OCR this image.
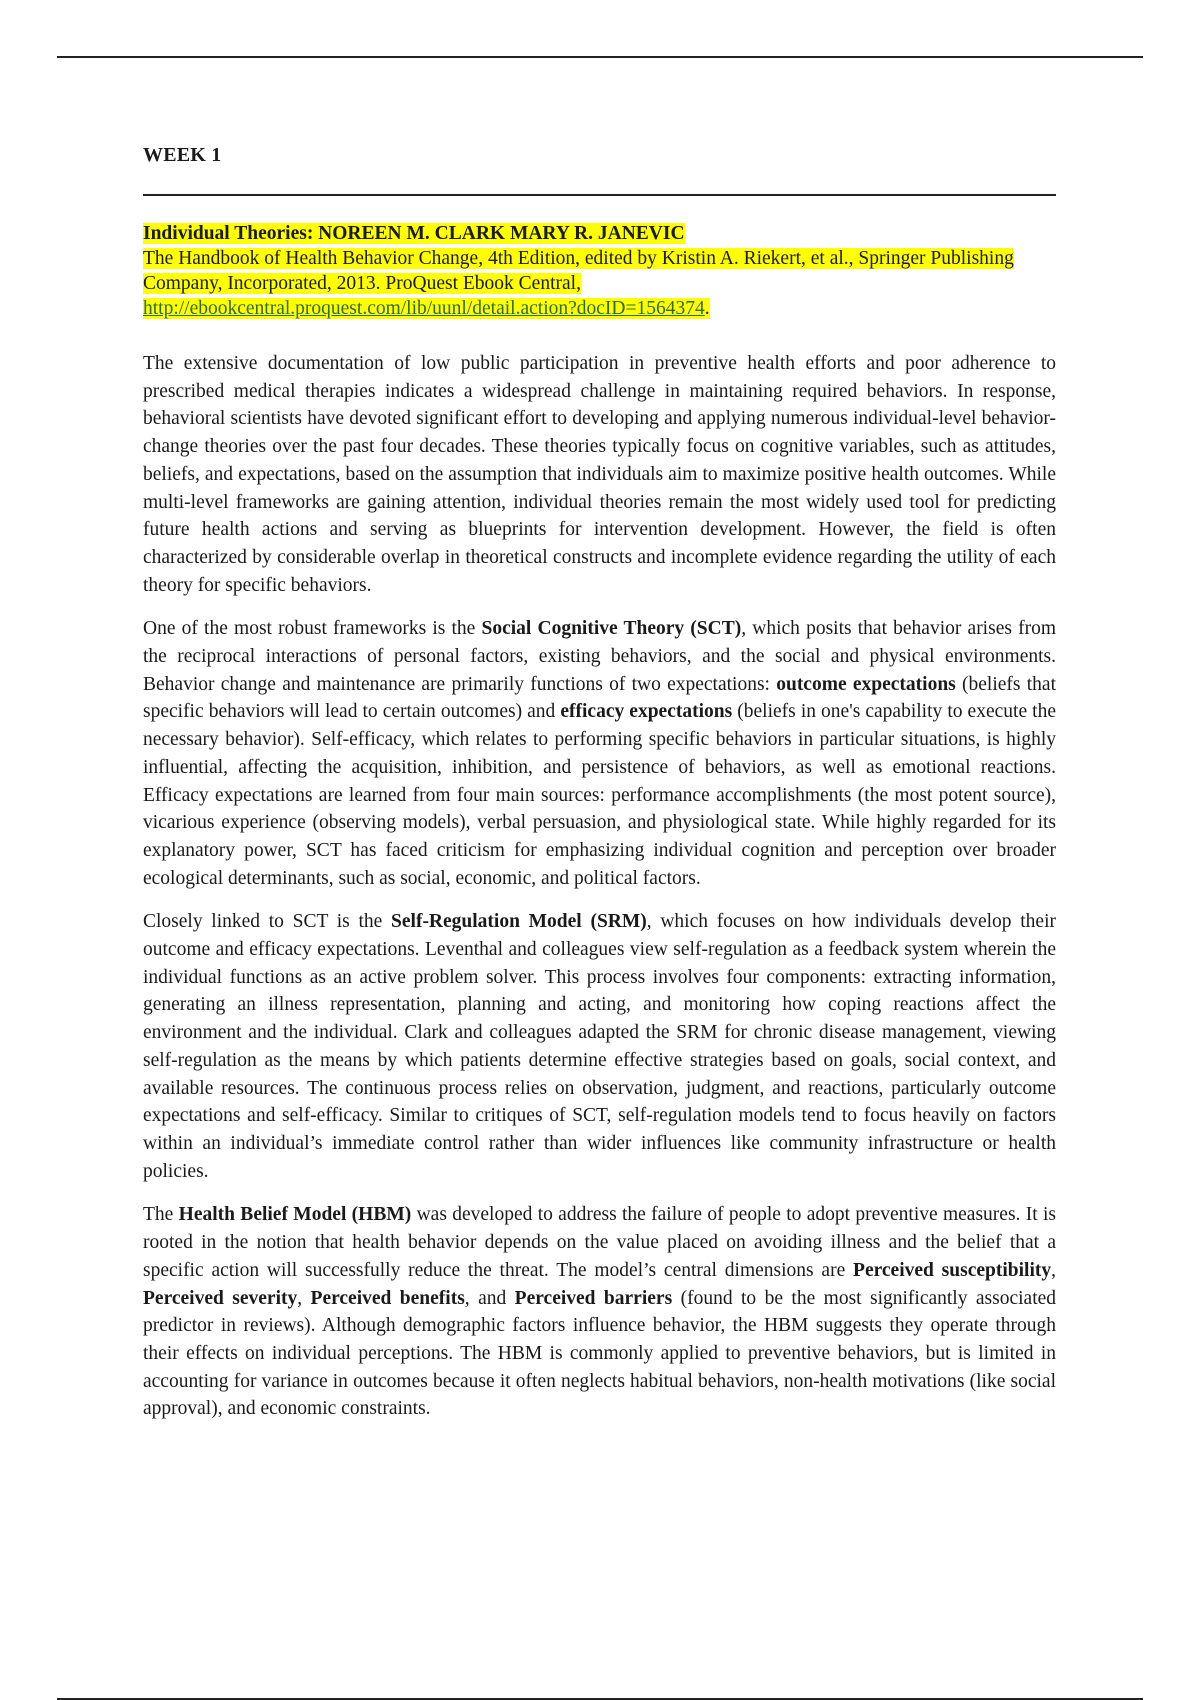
WEEK 1
Individual Theories: NOREEN M. CLARK MARY R. JANEVIC
The Handbook of Health Behavior Change, 4th Edition, edited by Kristin A. Riekert, et al., Springer Publishing Company, Incorporated, 2013. ProQuest Ebook Central,
http://ebookcentral.proquest.com/lib/uunl/detail.action?docID=1564374.

The extensive documentation of low public participation in preventive health efforts and poor adherence to prescribed medical therapies indicates a widespread challenge in maintaining required behaviors. In response, behavioral scientists have devoted significant effort to developing and applying numerous individual-level behavior-change theories over the past four decades. These theories typically focus on cognitive variables, such as attitudes, beliefs, and expectations, based on the assumption that individuals aim to maximize positive health outcomes. While multi-level frameworks are gaining attention, individual theories remain the most widely used tool for predicting future health actions and serving as blueprints for intervention development. However, the field is often characterized by considerable overlap in theoretical constructs and incomplete evidence regarding the utility of each theory for specific behaviors.

One of the most robust frameworks is the Social Cognitive Theory (SCT), which posits that behavior arises from the reciprocal interactions of personal factors, existing behaviors, and the social and physical environments. Behavior change and maintenance are primarily functions of two expectations: outcome expectations (beliefs that specific behaviors will lead to certain outcomes) and efficacy expectations (beliefs in one's capability to execute the necessary behavior). Self-efficacy, which relates to performing specific behaviors in particular situations, is highly influential, affecting the acquisition, inhibition, and persistence of behaviors, as well as emotional reactions. Efficacy expectations are learned from four main sources: performance accomplishments (the most potent source), vicarious experience (observing models), verbal persuasion, and physiological state. While highly regarded for its explanatory power, SCT has faced criticism for emphasizing individual cognition and perception over broader ecological determinants, such as social, economic, and political factors.

Closely linked to SCT is the Self-Regulation Model (SRM), which focuses on how individuals develop their outcome and efficacy expectations. Leventhal and colleagues view self-regulation as a feedback system wherein the individual functions as an active problem solver. This process involves four components: extracting information, generating an illness representation, planning and acting, and monitoring how coping reactions affect the environment and the individual. Clark and colleagues adapted the SRM for chronic disease management, viewing self-regulation as the means by which patients determine effective strategies based on goals, social context, and available resources. The continuous process relies on observation, judgment, and reactions, particularly outcome expectations and self-efficacy. Similar to critiques of SCT, self-regulation models tend to focus heavily on factors within an individual’s immediate control rather than wider influences like community infrastructure or health policies.

The Health Belief Model (HBM) was developed to address the failure of people to adopt preventive measures. It is rooted in the notion that health behavior depends on the value placed on avoiding illness and the belief that a specific action will successfully reduce the threat. The model’s central dimensions are Perceived susceptibility, Perceived severity, Perceived benefits, and Perceived barriers (found to be the most significantly associated predictor in reviews). Although demographic factors influence behavior, the HBM suggests they operate through their effects on individual perceptions. The HBM is commonly applied to preventive behaviors, but is limited in accounting for variance in outcomes because it often neglects habitual behaviors, non-health motivations (like social approval), and economic constraints.
